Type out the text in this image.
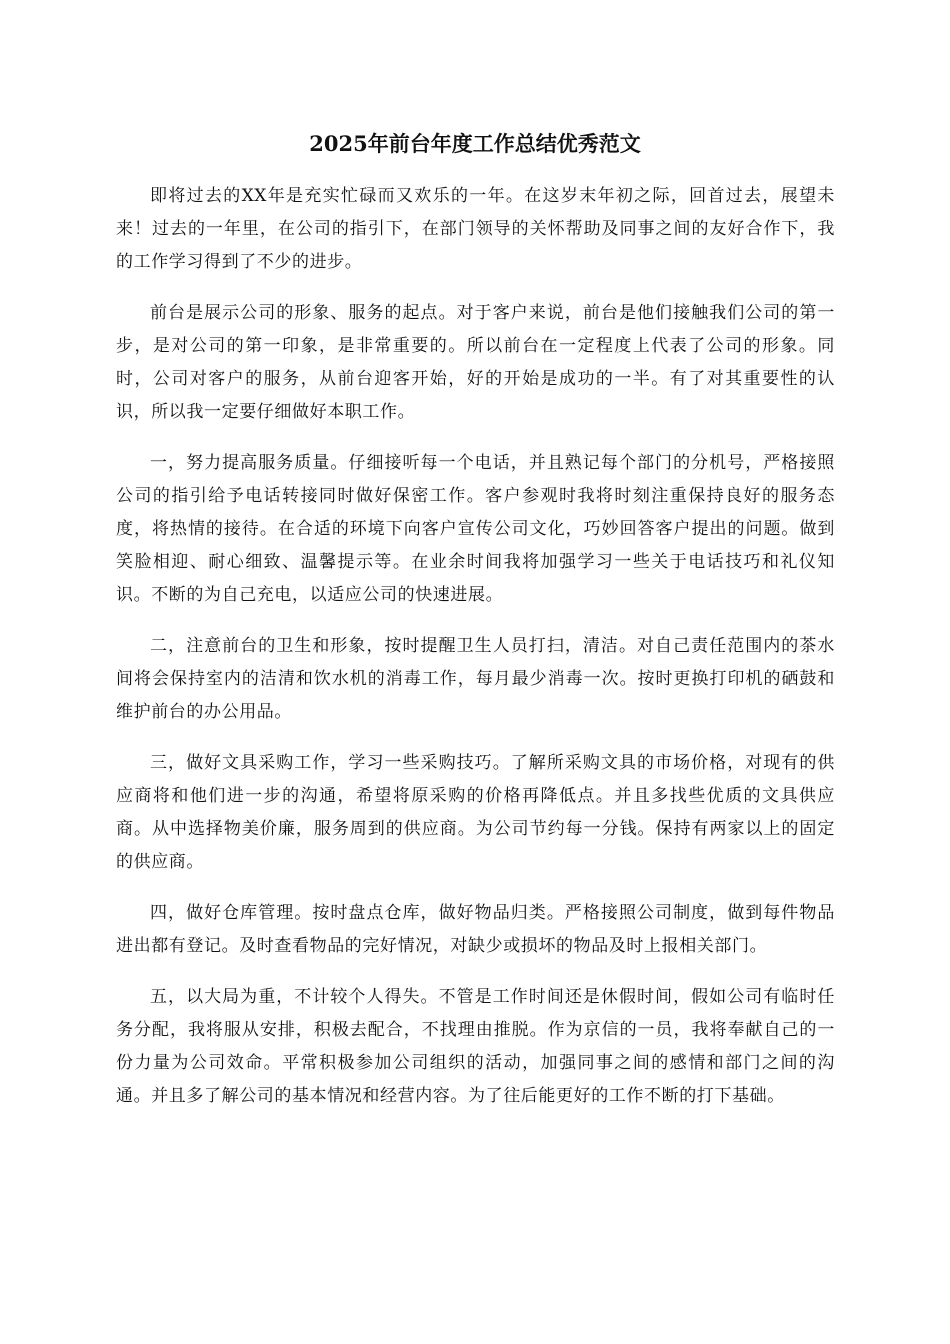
2025年前台年度工作总结优秀范文

即将过去的XX年是充实忙碌而又欢乐的一年。在这岁末年初之际，回首过去，展望未来！过去的一年里，在公司的指引下，在部门领导的关怀帮助及同事之间的友好合作下，我的工作学习得到了不少的进步。

前台是展示公司的形象、服务的起点。对于客户来说，前台是他们接触我们公司的第一步，是对公司的第一印象，是非常重要的。所以前台在一定程度上代表了公司的形象。同时，公司对客户的服务，从前台迎客开始，好的开始是成功的一半。有了对其重要性的认识，所以我一定要仔细做好本职工作。

一，努力提高服务质量。仔细接听每一个电话，并且熟记每个部门的分机号，严格接照公司的指引给予电话转接同时做好保密工作。客户参观时我将时刻注重保持良好的服务态度，将热情的接待。在合适的环境下向客户宣传公司文化，巧妙回答客户提出的问题。做到笑脸相迎、耐心细致、温馨提示等。在业余时间我将加强学习一些关于电话技巧和礼仪知识。不断的为自己充电，以适应公司的快速进展。

二，注意前台的卫生和形象，按时提醒卫生人员打扫，清洁。对自己责任范围内的茶水间将会保持室内的洁清和饮水机的消毒工作，每月最少消毒一次。按时更换打印机的硒鼓和维护前台的办公用品。

三，做好文具采购工作，学习一些采购技巧。了解所采购文具的市场价格，对现有的供应商将和他们进一步的沟通，希望将原采购的价格再降低点。并且多找些优质的文具供应商。从中选择物美价廉，服务周到的供应商。为公司节约每一分钱。保持有两家以上的固定的供应商。

四，做好仓库管理。按时盘点仓库，做好物品归类。严格接照公司制度，做到每件物品进出都有登记。及时查看物品的完好情况，对缺少或损坏的物品及时上报相关部门。

五，以大局为重，不计较个人得失。不管是工作时间还是休假时间，假如公司有临时任务分配，我将服从安排，积极去配合，不找理由推脱。作为京信的一员，我将奉献自己的一份力量为公司效命。平常积极参加公司组织的活动，加强同事之间的感情和部门之间的沟通。并且多了解公司的基本情况和经营内容。为了往后能更好的工作不断的打下基础。
